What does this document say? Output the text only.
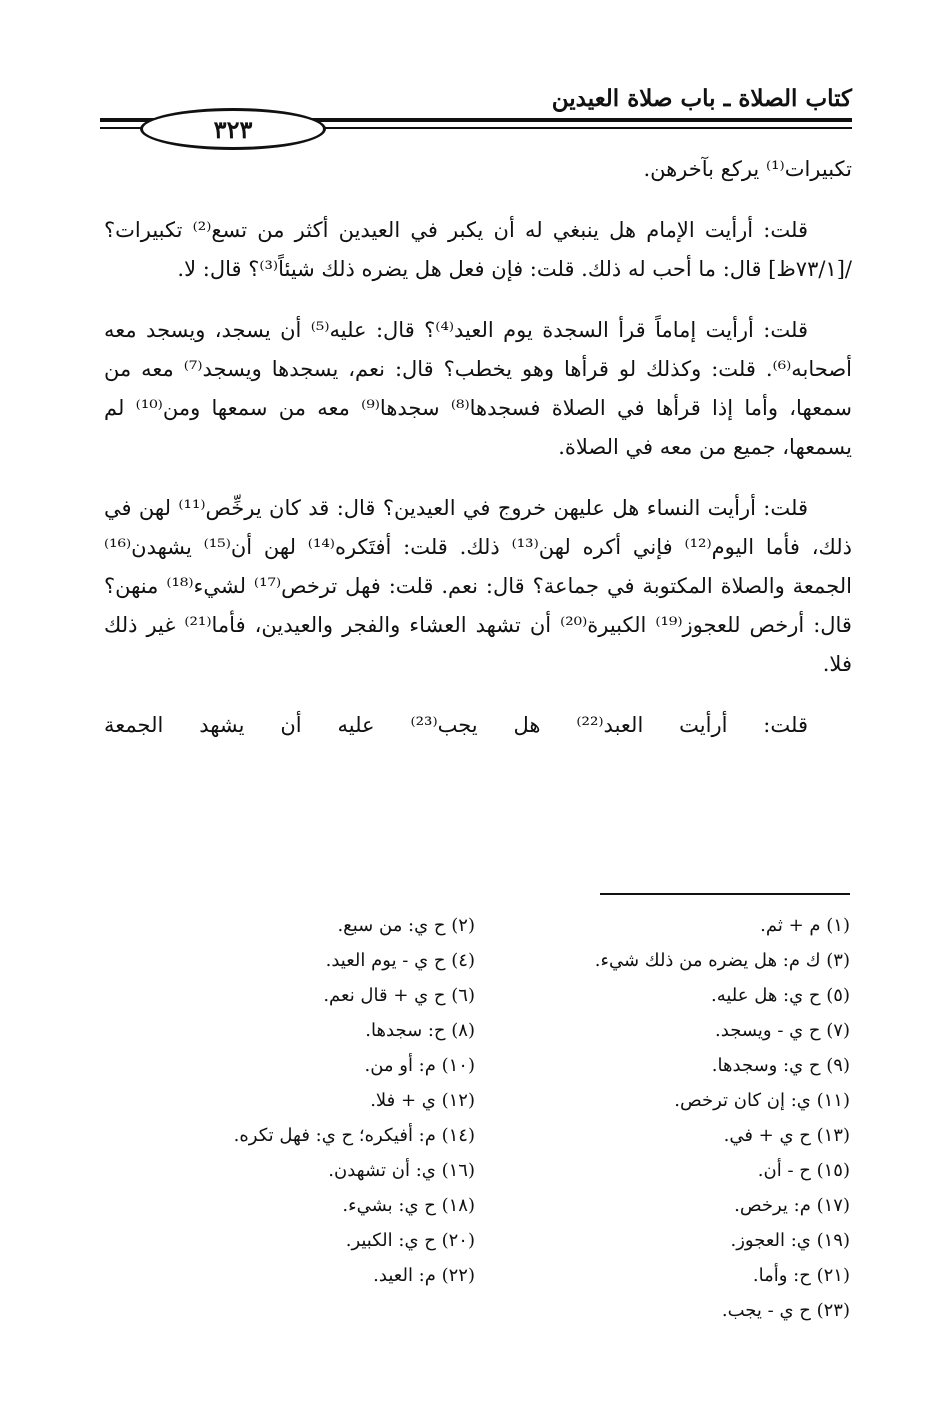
كتاب الصلاة ـ باب صلاة العيدين
٣٢٣

تكبيرات⁽¹⁾ يركع بآخرهن.

قلت: أرأيت الإمام هل ينبغي له أن يكبر في العيدين أكثر من تسع⁽²⁾ تكبيرات؟ /[٧٣/١ظ] قال: ما أحب له ذلك. قلت: فإن فعل هل يضره ذلك شيئاً⁽³⁾؟ قال: لا.

قلت: أرأيت إماماً قرأ السجدة يوم العيد⁽⁴⁾؟ قال: عليه⁽⁵⁾ أن يسجد، ويسجد معه أصحابه⁽⁶⁾. قلت: وكذلك لو قرأها وهو يخطب؟ قال: نعم، يسجدها ويسجد⁽⁷⁾ معه من سمعها، وأما إذا قرأها في الصلاة فسجدها⁽⁸⁾ سجدها⁽⁹⁾ معه من سمعها ومن⁽¹⁰⁾ لم يسمعها، جميع من معه في الصلاة.

قلت: أرأيت النساء هل عليهن خروج في العيدين؟ قال: قد كان يرخِّص⁽¹¹⁾ لهن في ذلك، فأما اليوم⁽¹²⁾ فإني أكره لهن⁽¹³⁾ ذلك. قلت: أفتَكره⁽¹⁴⁾ لهن أن⁽¹⁵⁾ يشهدن⁽¹⁶⁾ الجمعة والصلاة المكتوبة في جماعة؟ قال: نعم. قلت: فهل ترخص⁽¹⁷⁾ لشيء⁽¹⁸⁾ منهن؟ قال: أرخص للعجوز⁽¹⁹⁾ الكبيرة⁽²⁰⁾ أن تشهد العشاء والفجر والعيدين، فأما⁽²¹⁾ غير ذلك فلا.

قلت: أرأيت العبد⁽²²⁾ هل يجب⁽²³⁾ عليه أن يشهد الجمعة

(١) م + ثم.
(٣) ك م: هل يضره من ذلك شيء.
(٥) ح ي: هل عليه.
(٧) ح ي - ويسجد.
(٩) ح ي: وسجدها.
(١١) ي: إن كان ترخص.
(١٣) ح ي + في.
(١٥) ح - أن.
(١٧) م: يرخص.
(١٩) ي: العجوز.
(٢١) ح: وأما.
(٢٣) ح ي - يجب.
(٢) ح ي: من سبع.
(٤) ح ي - يوم العيد.
(٦) ح ي + قال نعم.
(٨) ح: سجدها.
(١٠) م: أو من.
(١٢) ي + فلا.
(١٤) م: أفيكره؛ ح ي: فهل تكره.
(١٦) ي: أن تشهدن.
(١٨) ح ي: بشيء.
(٢٠) ح ي: الكبير.
(٢٢) م: العيد.
